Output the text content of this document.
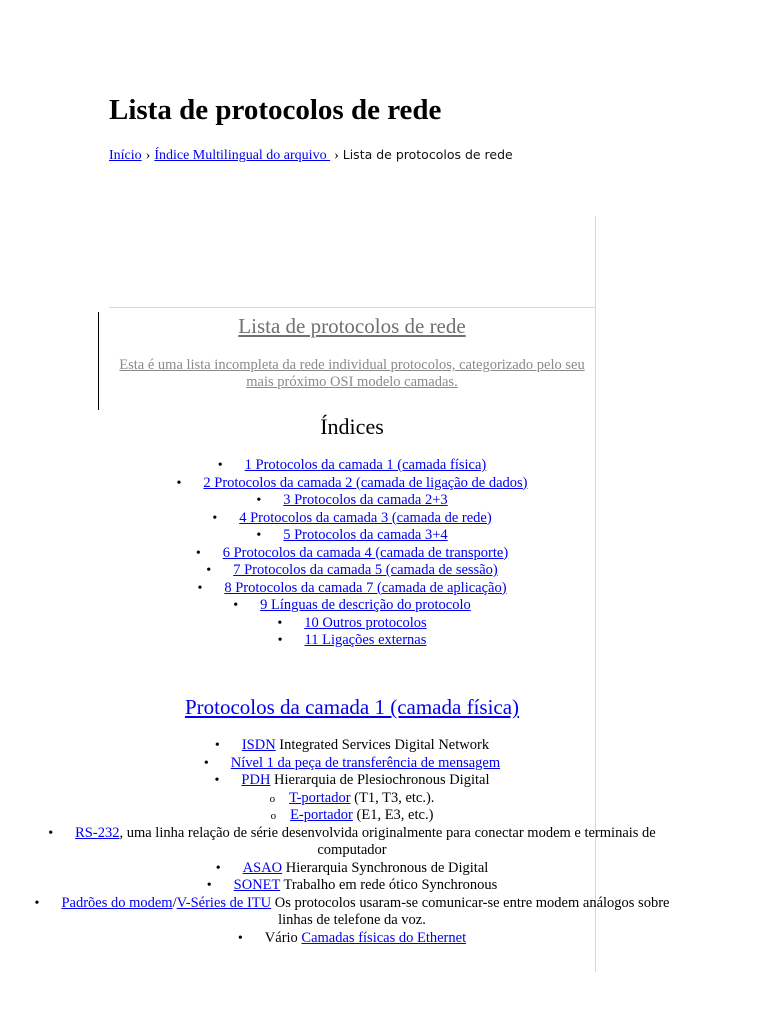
Lista de protocolos de rede
Início › Índice Multilingual do arquivo › Lista de protocolos de rede
Lista de protocolos de rede

Esta é uma lista incompleta da rede individual protocolos, categorizado pelo seu mais próximo OSI modelo camadas.

Índices
• 1 Protocolos da camada 1 (camada física)
• 2 Protocolos da camada 2 (camada de ligação de dados)
• 3 Protocolos da camada 2+3
• 4 Protocolos da camada 3 (camada de rede)
• 5 Protocolos da camada 3+4
• 6 Protocolos da camada 4 (camada de transporte)
• 7 Protocolos da camada 5 (camada de sessão)
• 8 Protocolos da camada 7 (camada de aplicação)
• 9 Línguas de descrição do protocolo
• 10 Outros protocolos
• 11 Ligações externas
Protocolos da camada 1 (camada física)
• ISDN Integrated Services Digital Network
• Nível 1 da peça de transferência de mensagem
• PDH Hierarquia de Plesiochronous Digital
o T-portador (T1, T3, etc.).
o E-portador (E1, E3, etc.)
• RS-232, uma linha relação de série desenvolvida originalmente para conectar modem e terminais de computador
• ASAO Hierarquia Synchronous de Digital
• SONET Trabalho em rede ótico Synchronous
• Padrões do modem/V-Séries de ITU Os protocolos usaram-se comunicar-se entre modem análogos sobre linhas de telefone da voz.
• Vário Camadas físicas do Ethernet
